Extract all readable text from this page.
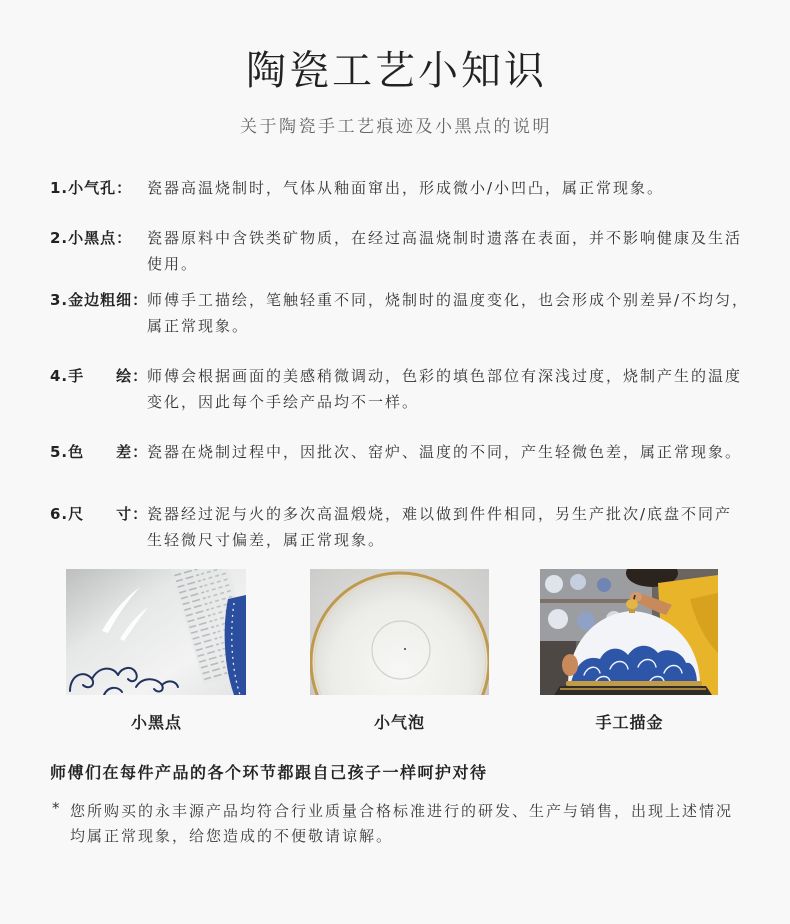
陶瓷工艺小知识
关于陶瓷手工艺痕迹及小黑点的说明
1.小气孔： 瓷器高温烧制时，气体从釉面窜出，形成微小/小凹凸，属正常现象。
2.小黑点： 瓷器原料中含铁类矿物质，在经过高温烧制时遗落在表面，并不影响健康及生活
使用。
3.金边粗细：
师傅手工描绘，笔触轻重不同，烧制时的温度变化，也会形成个别差异/不均匀，
属正常现象。
4.手　　绘：
师傅会根据画面的美感稍微调动，色彩的填色部位有深浅过度，烧制产生的温度
变化，因此每个手绘产品均不一样。
5.色　　差：
瓷器在烧制过程中，因批次、窑炉、温度的不同，产生轻微色差，属正常现象。
6.尺　　寸：
瓷器经过泥与火的多次高温煅烧，难以做到件件相同，另生产批次/底盘不同产
生轻微尺寸偏差，属正常现象。
小黑点	小气泡	手工描金
师傅们在每件产品的各个环节都跟自己孩子一样呵护对待
* 您所购买的永丰源产品均符合行业质量合格标准进行的研发、生产与销售，出现上述情况
均属正常现象，给您造成的不便敬请谅解。
